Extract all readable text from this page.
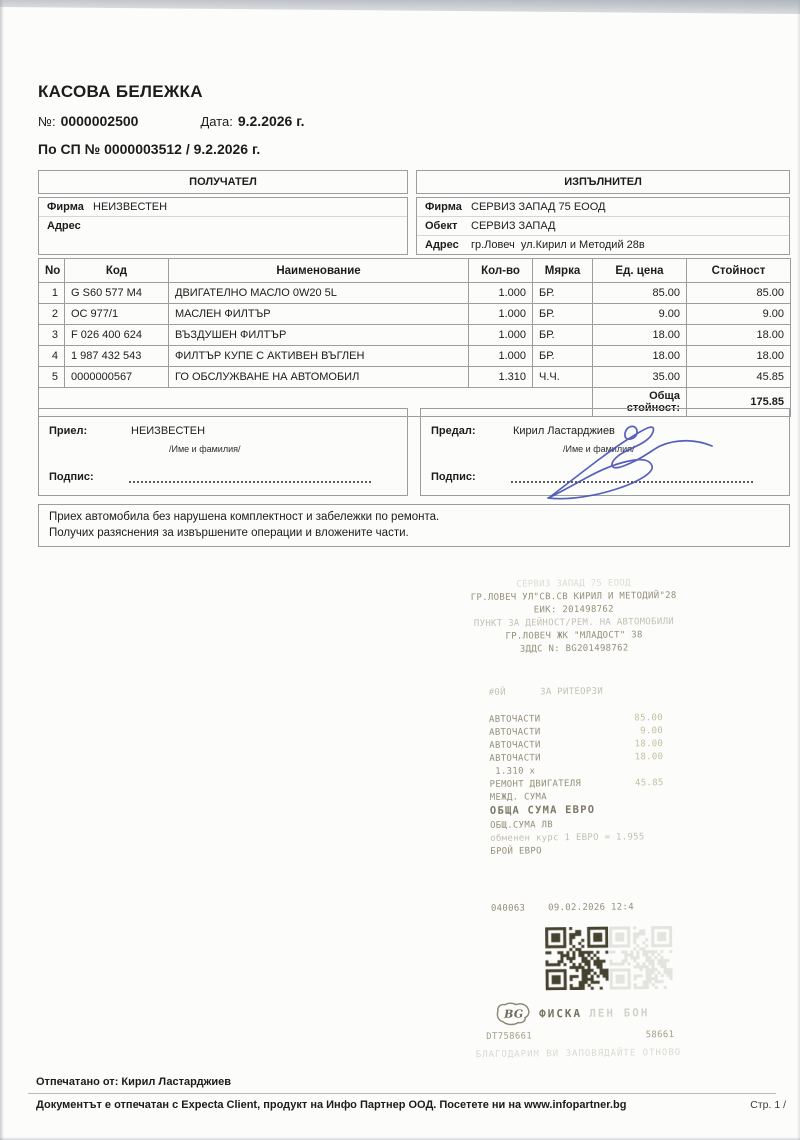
КАСОВА БЕЛЕЖКА
№: 0000002500	Дата: 9.2.2026 г.
По СП № 0000003512 / 9.2.2026 г.
ПОЛУЧАТЕЛ	ИЗПЪЛНИТЕЛ
Фирма НЕИЗВЕСТЕН
Адрес
Фирма СЕРВИЗ ЗАПАД 75 ЕООД
Обект	СЕРВИЗ ЗАПАД
Адрес	гр.Ловеч  ул.Кирил и Методий 28в
No	Код	Наименование	Кол-во	Мярка	Ед. цена	Стойност
1	G S60 577 M4	ДВИГАТЕЛНО МАСЛО 0W20 5L	1.000	БР.	85.00	85.00
2	OC 977/1	МАСЛЕН ФИЛТЪР	1.000	БР.	9.00	9.00
3	F 026 400 624	ВЪЗДУШЕН ФИЛТЪР	1.000	БР.	18.00	18.00
4	1 987 432 543	ФИЛТЪР КУПЕ С АКТИВЕН ВЪГЛЕН	1.000	БР.	18.00	18.00
5	0000000567	ГО ОБСЛУЖВАНЕ НА АВТОМОБИЛ	1.310	Ч.Ч.	35.00	45.85
					Обща стойност:	175.85
Приел:	НЕИЗВЕСТЕН
/Име и фамилия/
Подпис:
Предал:	Кирил Ластарджиев
/Име и фамилия/
Подпис:
Приех автомобила без нарушена комплектност и забележки по ремонта.
Получих разяснения за извършените операции и вложените части.
СЕРВИЗ ЗАПАД 75 ЕООД
ГР.ЛОВЕЧ УЛ"СВ.СВ КИРИЛ И МЕТОДИЙ"28
ЕИК: 201498762
ПУНКТ ЗА ДЕЙНОСТ/РЕМ. НА АВТОМОБИЛИ
ГР.ЛОВЕЧ ЖК "МЛАДОСТ" 38
ЗДДС N: BG201498762
#0Й      ЗА РИТЕОРЗИ
АВТОЧАСТИ	85.00
АВТОЧАСТИ	9.00
АВТОЧАСТИ	18.00
АВТОЧАСТИ	18.00
1.310 x
РЕМОНТ ДВИГАТЕЛЯ	45.85
МЕЖД. СУМА
ОБЩА СУМА ЕВРО
ОБЩ.СУМА ЛВ
обменен курс 1 ЕВРО = 1.955
БРОЙ ЕВРО
040063    09.02.2026 12:4
BG ФИСКА ЛЕН БОН
DT758661	58661
БЛАГОДАРИМ ВИ ЗАПОВЯДАЙТЕ ОТНОВО
Отпечатано от: Кирил Ластарджиев
Документът е отпечатан с Expecta Client, продукт на Инфо Партнер ООД. Посетете ни на www.infopartner.bg	Стр. 1 /
